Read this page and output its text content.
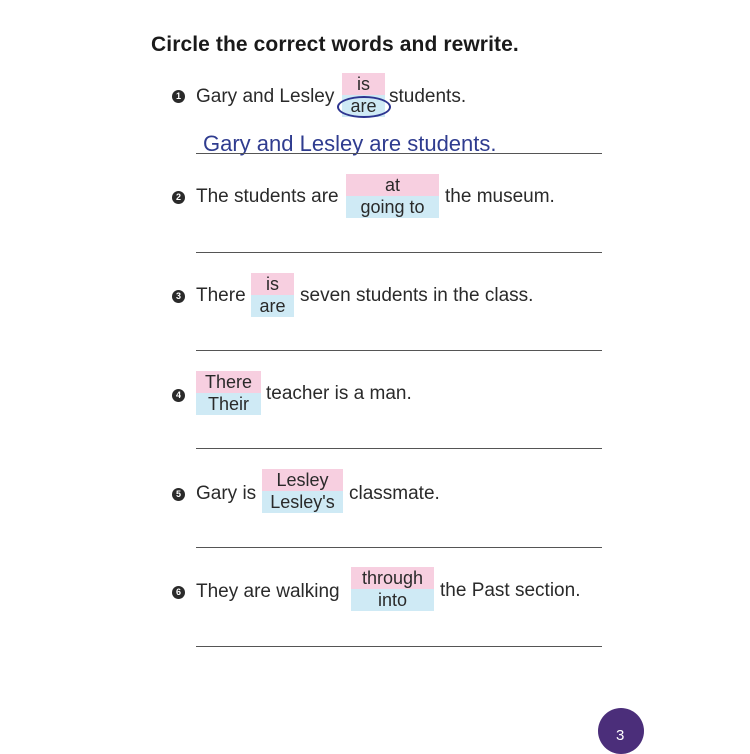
Circle the correct words and rewrite.
1 Gary and Lesley
is
are students.
Gary and Lesley are students.
2 The students are
at
going to	the museum.
3 There
is
are seven students in the class.
4
There
Their teacher is a man.
5 Gary is
Lesley
Lesley's classmate.
6 They are walking
through
into	the Past section.
3
